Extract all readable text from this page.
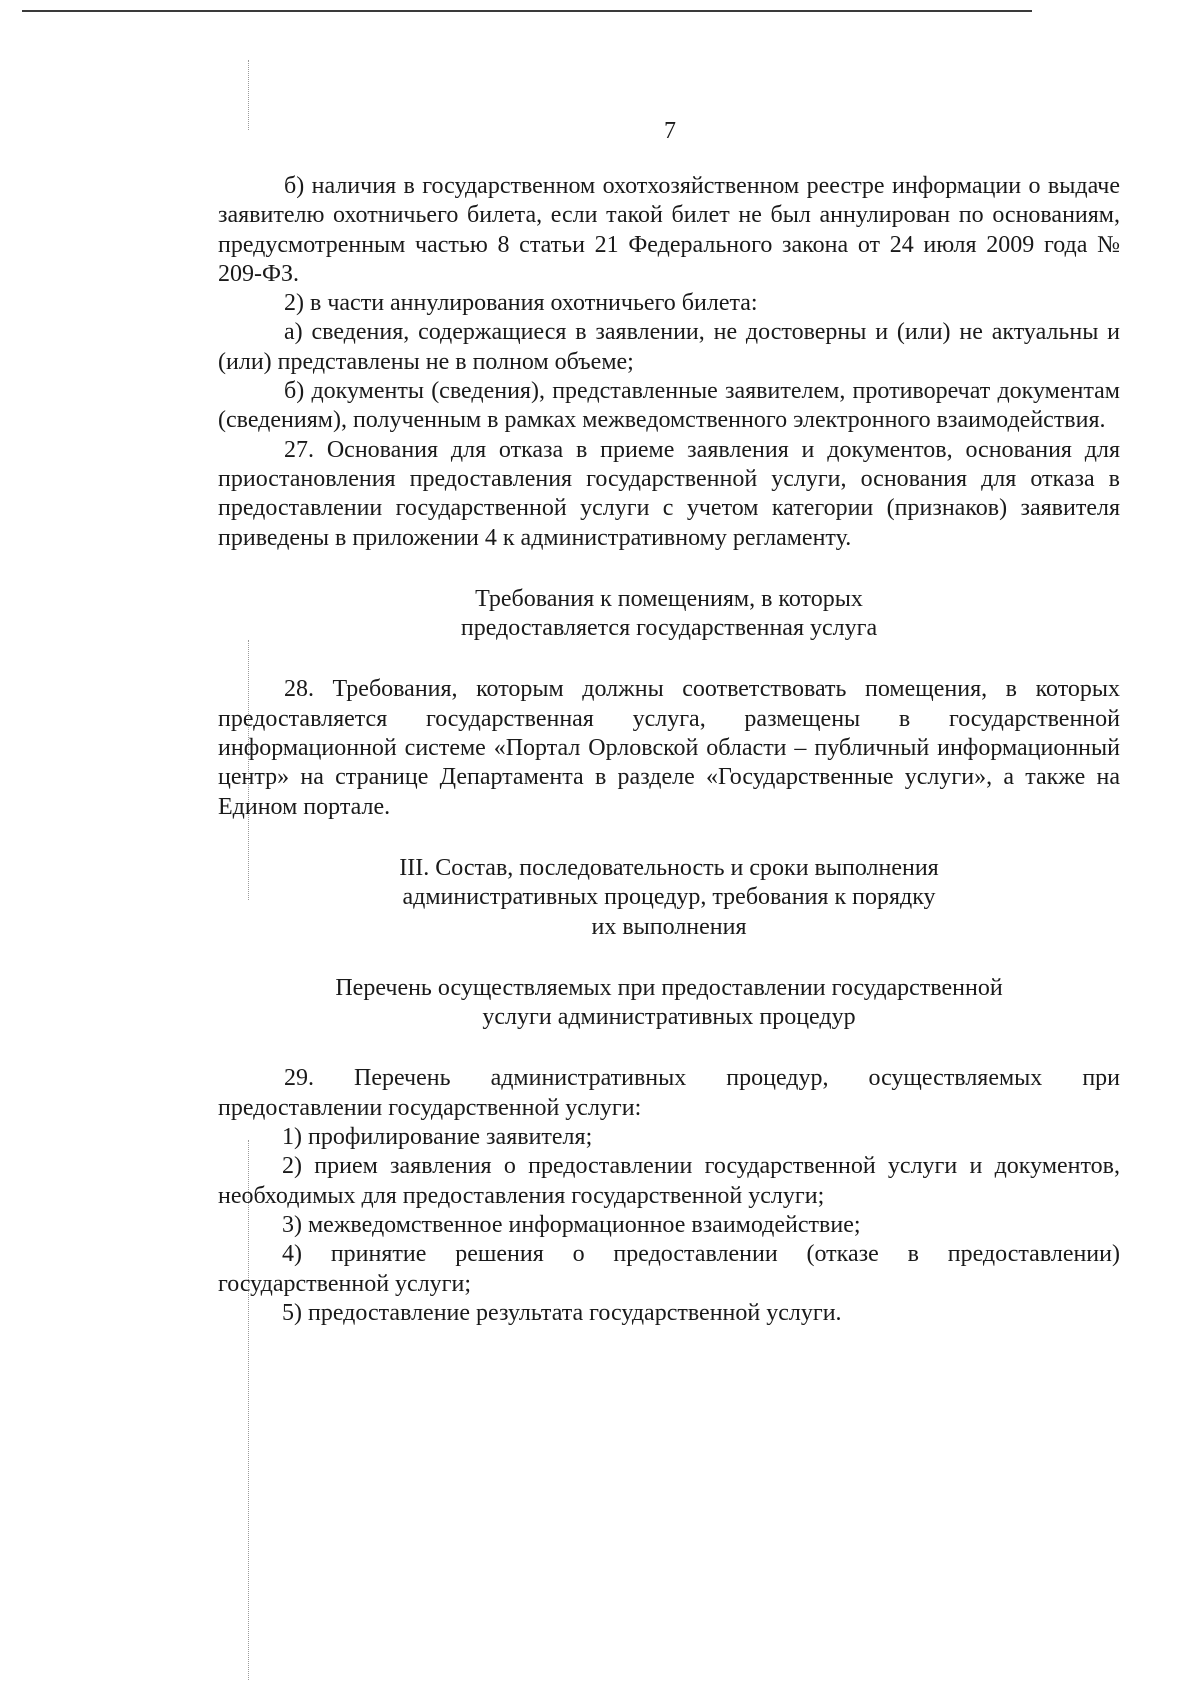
7

б) наличия в государственном охотхозяйственном реестре информации о выдаче заявителю охотничьего билета, если такой билет не был аннулирован по основаниям, предусмотренным частью 8 статьи 21 Федерального закона от 24 июля 2009 года № 209-ФЗ.

2) в части аннулирования охотничьего билета:

а) сведения, содержащиеся в заявлении, не достоверны и (или) не актуальны и (или) представлены не в полном объеме;

б) документы (сведения), представленные заявителем, противоречат документам (сведениям), полученным в рамках межведомственного электронного взаимодействия.

27. Основания для отказа в приеме заявления и документов, основания для приостановления предоставления государственной услуги, основания для отказа в предоставлении государственной услуги с учетом категории (признаков) заявителя приведены в приложении 4 к административному регламенту.

Требования к помещениям, в которых
предоставляется государственная услуга

28. Требования, которым должны соответствовать помещения, в которых предоставляется государственная услуга, размещены в государственной информационной системе «Портал Орловской области – публичный информационный центр» на странице Департамента в разделе «Государственные услуги», а также на Едином портале.

III. Состав, последовательность и сроки выполнения
административных процедур, требования к порядку
их выполнения
Перечень осуществляемых при предоставлении государственной
услуги административных процедур

29. Перечень административных процедур, осуществляемых при предоставлении государственной услуги:

1) профилирование заявителя;

2) прием заявления о предоставлении государственной услуги и документов, необходимых для предоставления государственной услуги;

3) межведомственное информационное взаимодействие;

4) принятие решения о предоставлении (отказе в предоставлении) государственной услуги;

5) предоставление результата государственной услуги.
